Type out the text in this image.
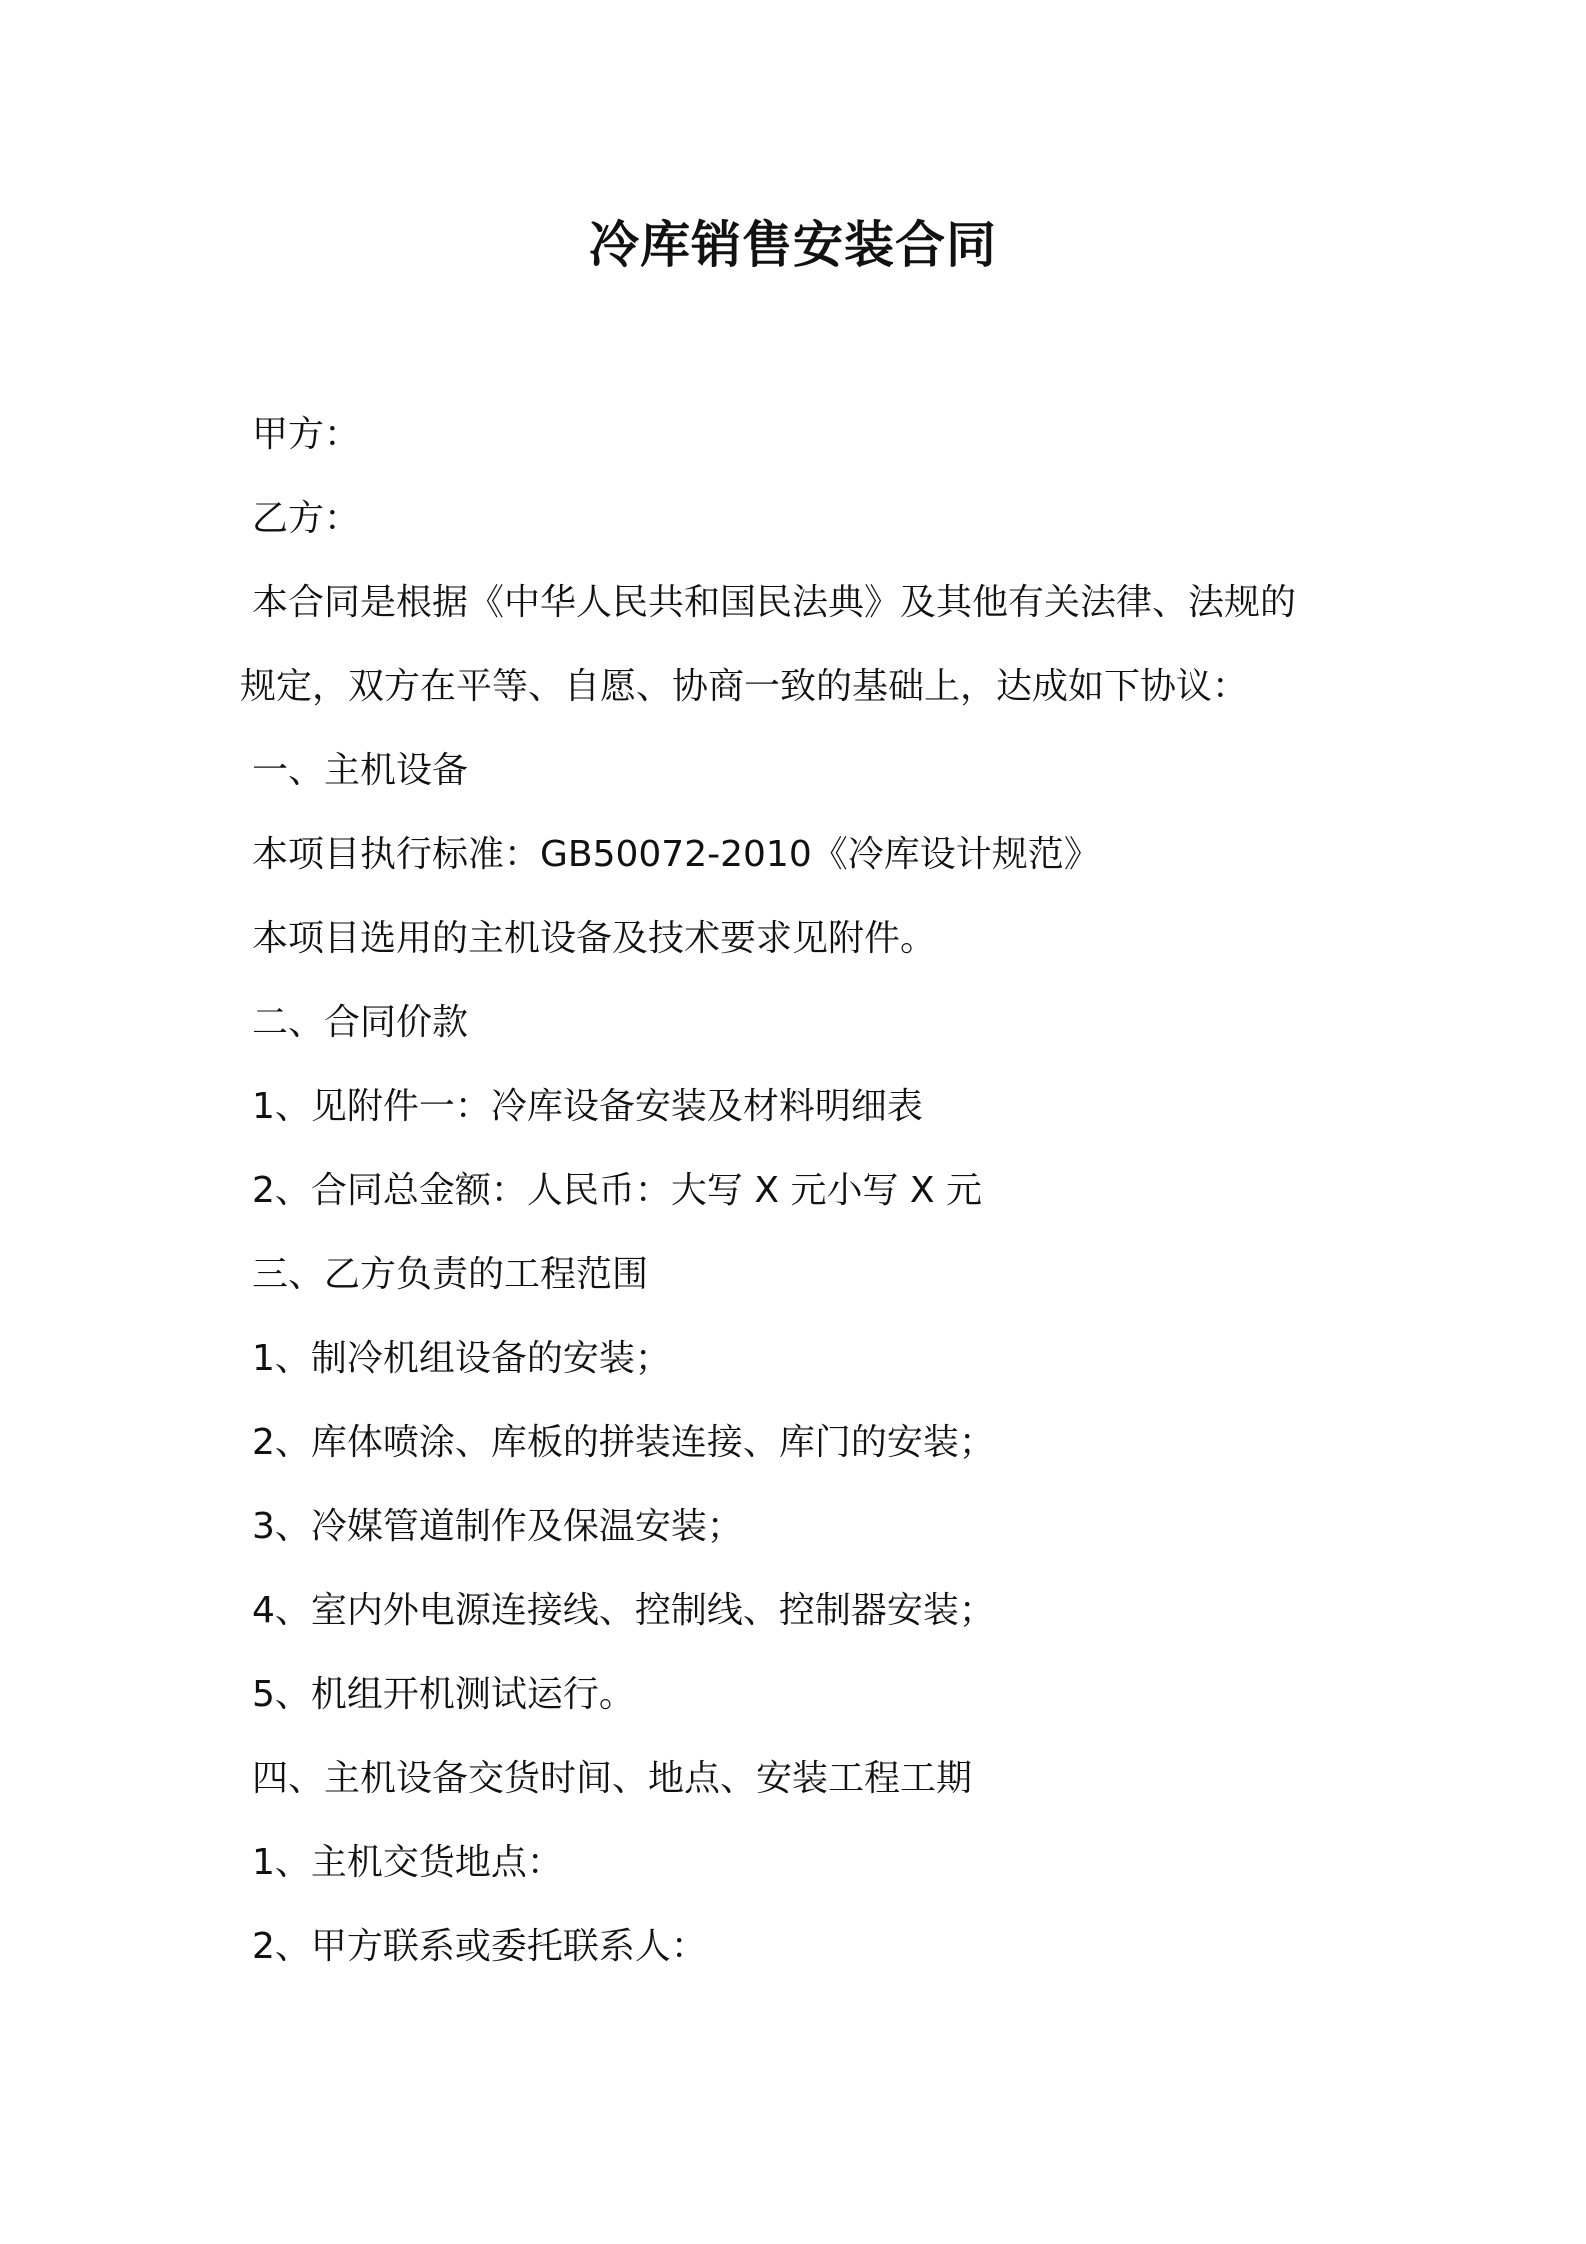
冷库销售安装合同

甲方：

乙方：

本合同是根据《中华人民共和国民法典》及其他有关法律、法规的

规定，双方在平等、自愿、协商一致的基础上，达成如下协议：

一、主机设备

本项目执行标准：GB50072-2010《冷库设计规范》

本项目选用的主机设备及技术要求见附件。

二、合同价款

1、见附件一：冷库设备安装及材料明细表

2、合同总金额：人民币：大写 X 元小写 X 元

三、乙方负责的工程范围

1、制冷机组设备的安装；

2、库体喷涂、库板的拼装连接、库门的安装；

3、冷媒管道制作及保温安装；

4、室内外电源连接线、控制线、控制器安装；

5、机组开机测试运行。

四、主机设备交货时间、地点、安装工程工期

1、主机交货地点：

2、甲方联系或委托联系人：
